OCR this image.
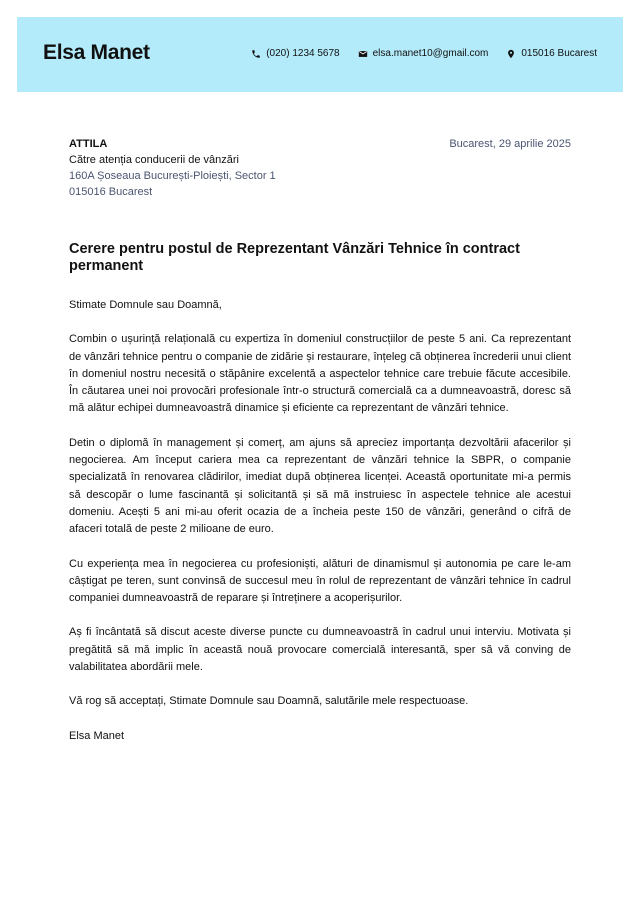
Elsa Manet	(020) 1234 5678	elsa.manet10@gmail.com	015016 Bucarest
ATTILA
Către atenția conducerii de vânzări
160A Șoseaua București-Ploiești, Sector 1
015016 Bucarest
Bucarest, 29 aprilie 2025
Cerere pentru postul de Reprezentant Vânzări Tehnice în contract permanent

Stimate Domnule sau Doamnă,

Combin o ușurință relațională cu expertiza în domeniul construcțiilor de peste 5 ani. Ca reprezentant de vânzări tehnice pentru o companie de zidărie și restaurare, înțeleg că obținerea încrederii unui client în domeniul nostru necesită o stăpânire excelentă a aspectelor tehnice care trebuie făcute accesibile. În căutarea unei noi provocări profesionale într-o structură comercială ca a dumneavoastră, doresc să mă alătur echipei dumneavoastră dinamice și eficiente ca reprezentant de vânzări tehnice.

Detin o diplomă în management și comerț, am ajuns să apreciez importanța dezvoltării afacerilor și negocierea. Am început cariera mea ca reprezentant de vânzări tehnice la SBPR, o companie specializată în renovarea clădirilor, imediat după obținerea licenței. Această oportunitate mi-a permis să descopăr o lume fascinantă și solicitantă și să mă instruiesc în aspectele tehnice ale acestui domeniu. Acești 5 ani mi-au oferit ocazia de a încheia peste 150 de vânzări, generând o cifră de afaceri totală de peste 2 milioane de euro.

Cu experiența mea în negocierea cu profesioniști, alături de dinamismul și autonomia pe care le-am câștigat pe teren, sunt convinsă de succesul meu în rolul de reprezentant de vânzări tehnice în cadrul companiei dumneavoastră de reparare și întreținere a acoperișurilor.

Aș fi încântată să discut aceste diverse puncte cu dumneavoastră în cadrul unui interviu. Motivata și pregătită să mă implic în această nouă provocare comercială interesantă, sper să vă conving de valabilitatea abordării mele.

Vă rog să acceptați, Stimate Domnule sau Doamnă, salutările mele respectuoase.

Elsa Manet
